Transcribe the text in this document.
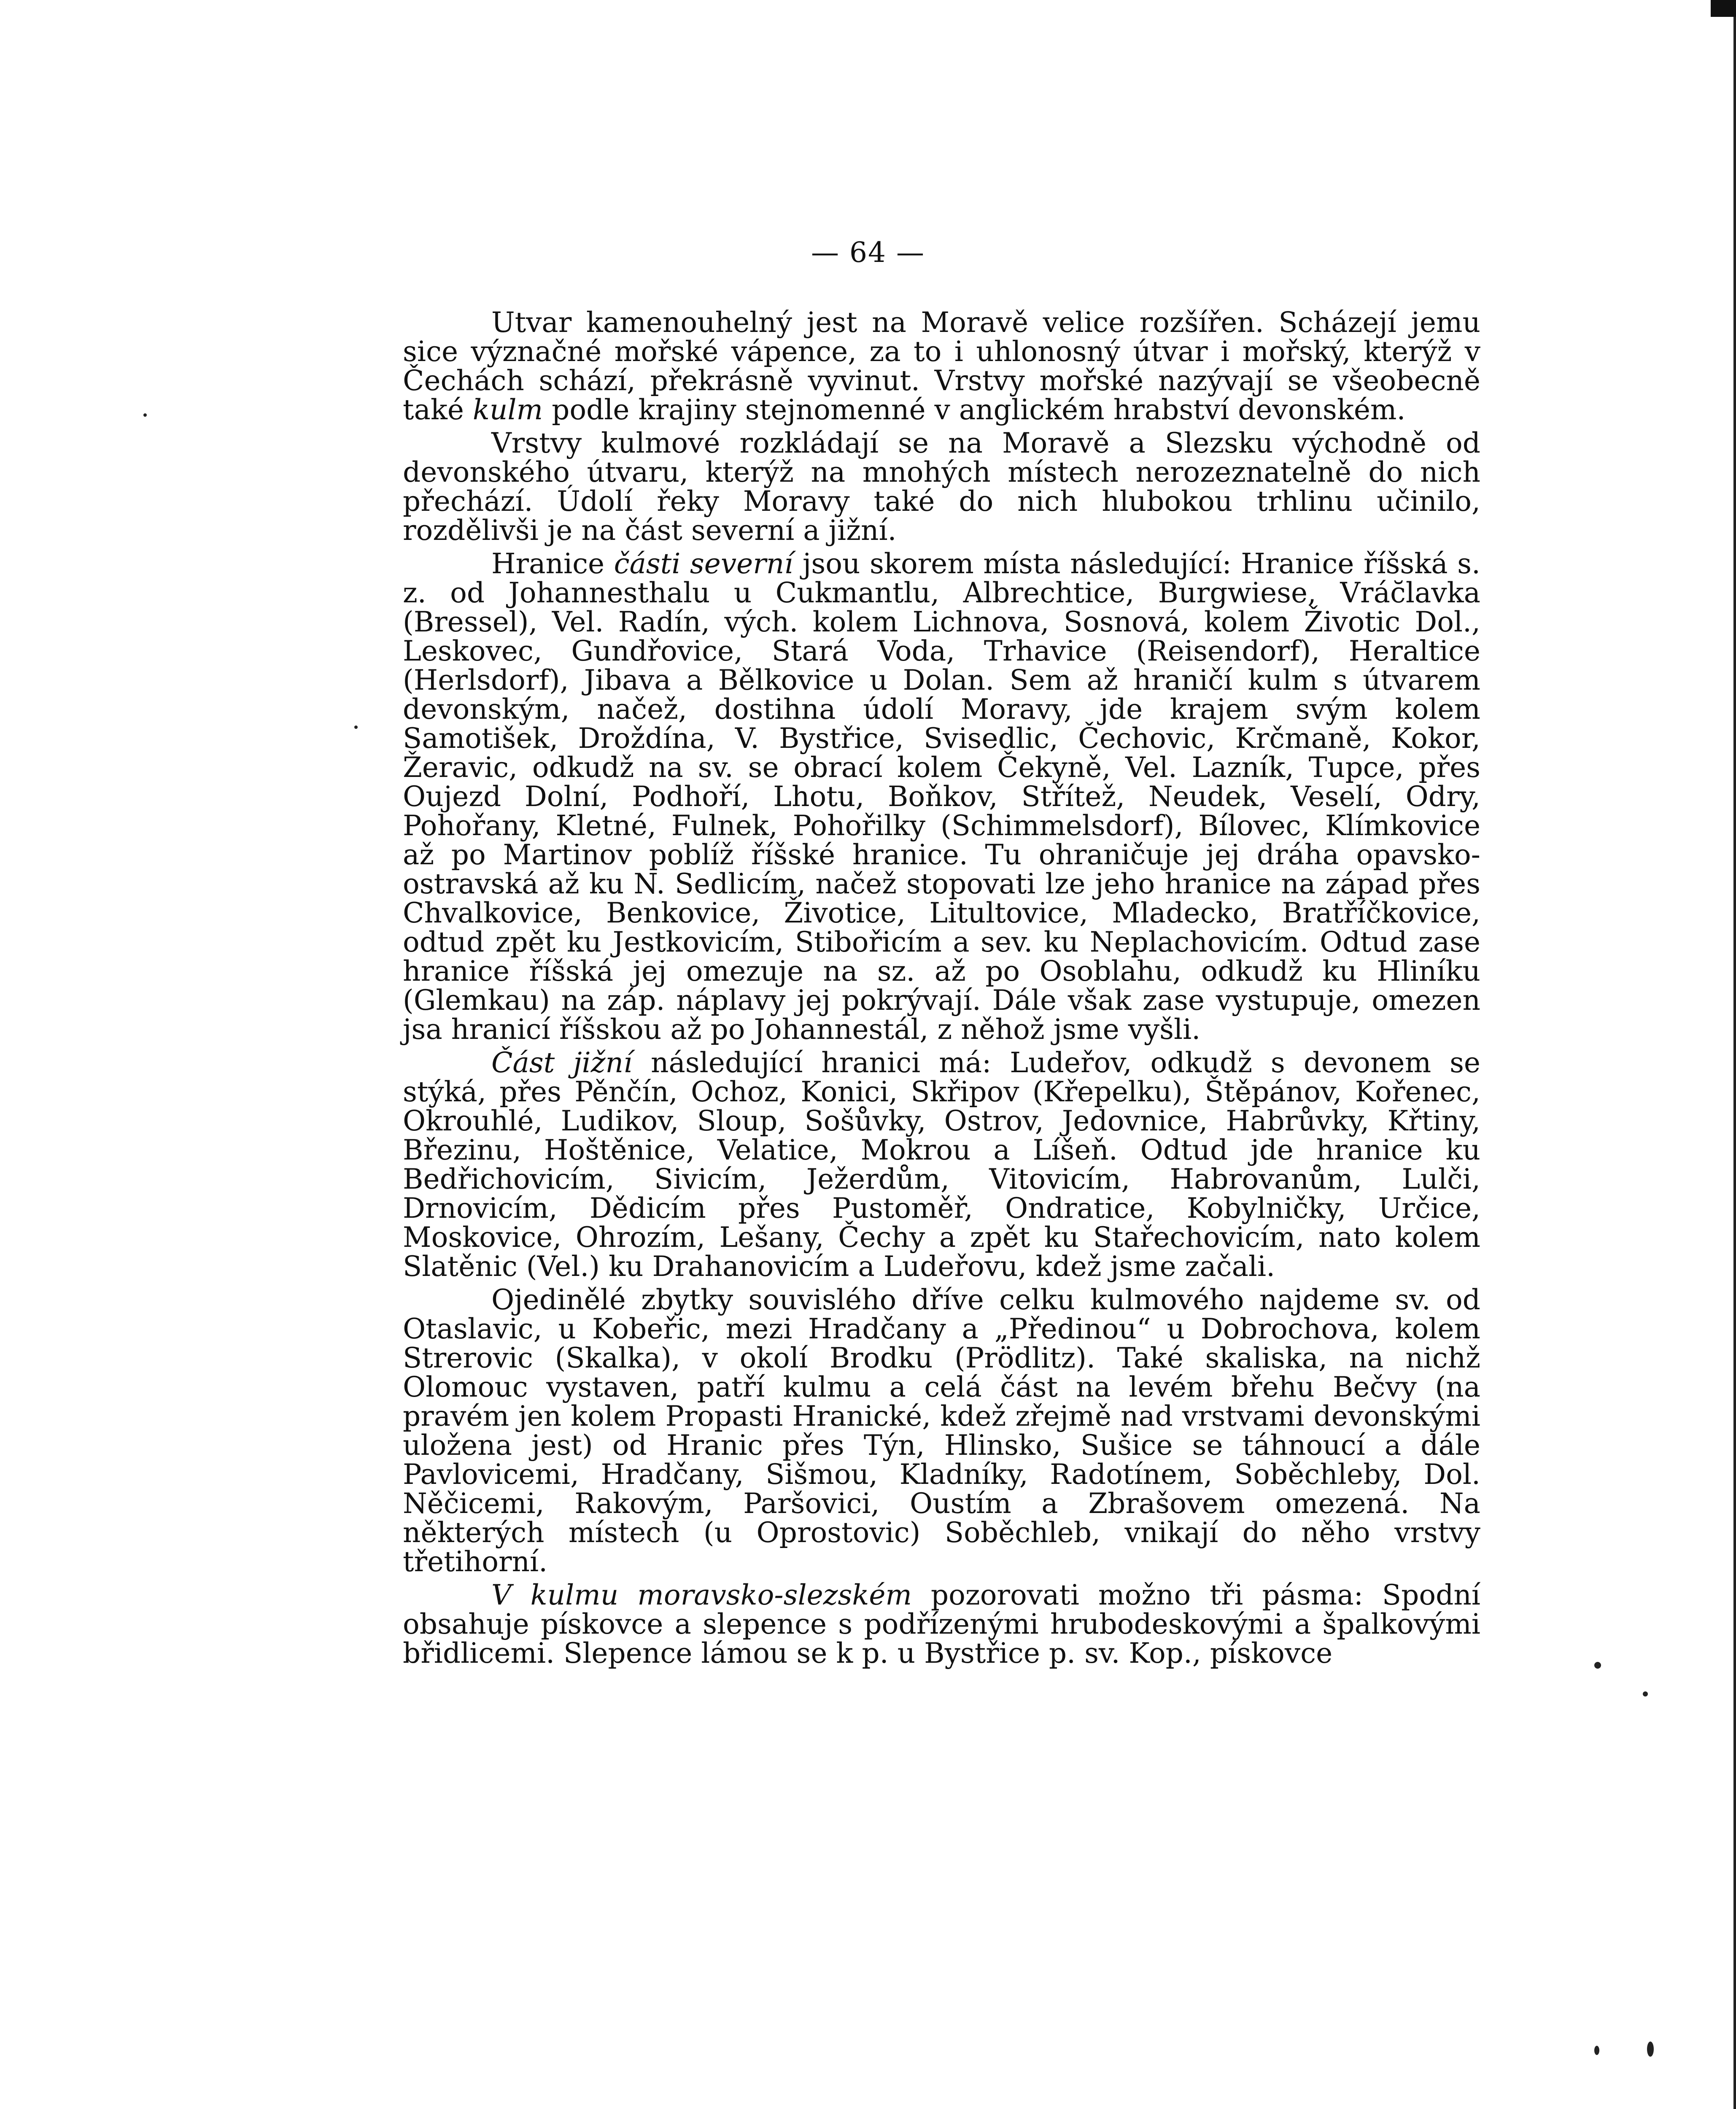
— 64 —

Utvar kamenouhelný jest na Moravě velice rozšířen. Scházejí jemu sice význačné mořské vápence, za to i uhlonosný útvar i mořský, kterýž v Čechách schází, překrásně vyvinut. Vrstvy mořské nazývají se všeobecně také kulm podle krajiny stejnomenné v anglickém hrabství devonském.

Vrstvy kulmové rozkládají se na Moravě a Slezsku východně od devonského útvaru, kterýž na mnohých místech nerozeznatelně do nich přechází. Údolí řeky Moravy také do nich hlubokou trhlinu učinilo, rozdělivši je na část severní a jižní.

Hranice části severní jsou skorem místa následující: Hranice říšská s. z. od Johannesthalu u Cukmantlu, Albrechtice, Burgwiese, Vrác̆lavka (Bressel), Vel. Radín, vých. kolem Lichnova, Sosnová, kolem Životic Dol., Leskovec, Gundřovice, Stará Voda, Trhavice (Reisendorf), Heraltice (Herlsdorf), Jibava a Bělkovice u Dolan. Sem až hraničí kulm s útvarem devonským, načež, dostihna údolí Moravy, jde krajem svým kolem Samotišek, Droždína, V. Bystřice, Svisedlic, Čechovic, Krčmaně, Kokor, Žeravic, odkudž na sv. se obrací kolem Čekyně, Vel. Lazník, Tupce, přes Oujezd Dolní, Podhoří, Lhotu, Boňkov, Střítež, Neudek, Veselí, Odry, Pohořany, Kletné, Fulnek, Pohořilky (Schimmelsdorf), Bílovec, Klímkovice až po Martinov poblíž říšské hranice. Tu ohraničuje jej dráha opavsko-ostravská až ku N. Sedlicím, načež stopovati lze jeho hranice na západ přes Chvalkovice, Benkovice, Životice, Litultovice, Mladecko, Bratříčkovice, odtud zpět ku Jestkovicím, Stibořicím a sev. ku Neplachovicím. Odtud zase hranice říšská jej omezuje na sz. až po Osoblahu, odkudž ku Hliníku (Glemkau) na záp. náplavy jej pokrývají. Dále však zase vystupuje, omezen jsa hranicí říšskou až po Johannestál, z něhož jsme vyšli.

Část jižní následující hranici má: Ludeřov, odkudž s devonem se stýká, přes Pěnčín, Ochoz, Konici, Skřipov (Křepelku), Štěpánov, Kořenec, Okrouhlé, Ludikov, Sloup, Sošůvky, Ostrov, Jedovnice, Habrůvky, Křtiny, Březinu, Hoštěnice, Velatice, Mokrou a Líšeň. Odtud jde hranice ku Bedřichovicím, Sivicím, Ježerdům, Vitovicím, Habrovanům, Lulči, Drnovicím, Dědicím přes Pustoměř, Ondratice, Kobylničky, Určice, Moskovice, Ohrozím, Lešany, Čechy a zpět ku Stařechovicím, nato kolem Slatěnic (Vel.) ku Drahanovicím a Ludeřovu, kdež jsme začali.

Ojedinělé zbytky souvislého dříve celku kulmového najdeme sv. od Otaslavic, u Kobeřic, mezi Hradčany a „Předinou“ u Dobrochova, kolem Strerovic (Skalka), v okolí Brodku (Prödlitz). Také skaliska, na nichž Olomouc vystaven, patří kulmu a celá část na levém břehu Bečvy (na pravém jen kolem Propasti Hranické, kdež zřejmě nad vrstvami devonskými uložena jest) od Hranic přes Týn, Hlinsko, Sušice se táhnoucí a dále Pavlovicemi, Hradčany, Sišmou, Kladníky, Radotínem, Soběchleby, Dol. Něčicemi, Rakovým, Paršovici, Oustím a Zbrašovem omezená. Na některých místech (u Oprostovic) Soběchleb, vnikají do něho vrstvy třetihorní.

V kulmu moravsko-slezském pozorovati možno tři pásma: Spodní obsahuje pískovce a slepence s podřízenými hrubodeskovými a špalkovými břidlicemi. Slepence lámou se k p. u Bystřice p. sv. Kop., pískovce
